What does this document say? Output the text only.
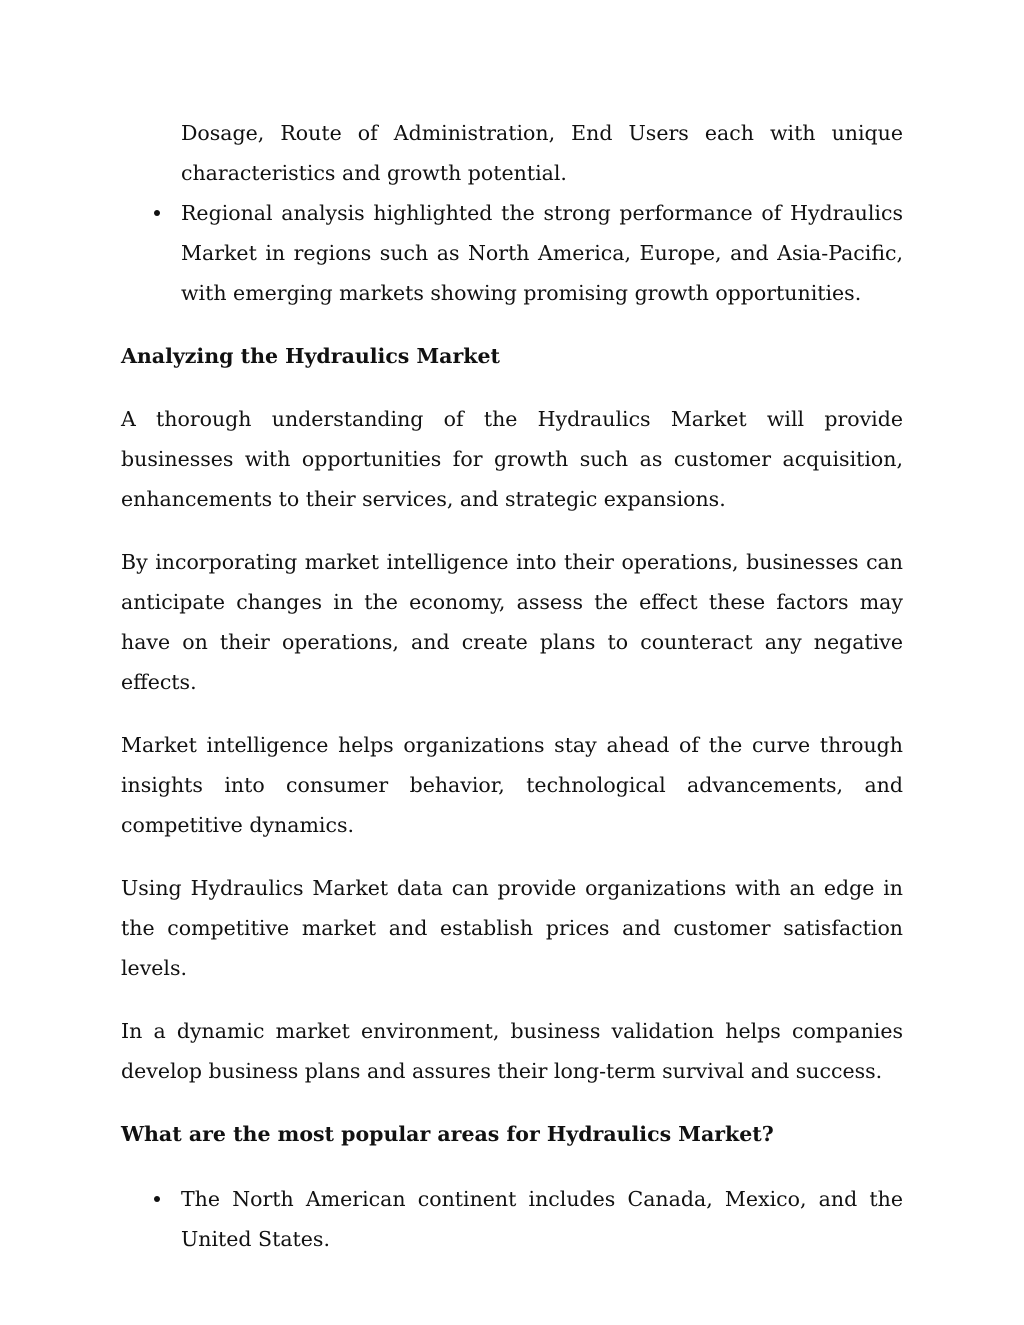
Dosage, Route of Administration, End Users each with unique characteristics and growth potential.
Regional analysis highlighted the strong performance of Hydraulics Market in regions such as North America, Europe, and Asia-Pacific, with emerging markets showing promising growth opportunities.
Analyzing the Hydraulics Market

A thorough understanding of the Hydraulics Market will provide businesses with opportunities for growth such as customer acquisition, enhancements to their services, and strategic expansions.

By incorporating market intelligence into their operations, businesses can anticipate changes in the economy, assess the effect these factors may have on their operations, and create plans to counteract any negative effects.

Market intelligence helps organizations stay ahead of the curve through insights into consumer behavior, technological advancements, and competitive dynamics.

Using Hydraulics Market data can provide organizations with an edge in the competitive market and establish prices and customer satisfaction levels.

In a dynamic market environment, business validation helps companies develop business plans and assures their long-term survival and success.

What are the most popular areas for Hydraulics Market?
The North American continent includes Canada, Mexico, and the United States.
